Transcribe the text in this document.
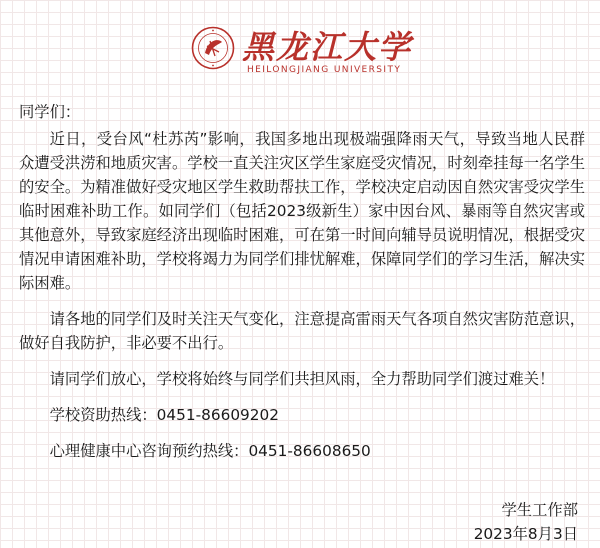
黑龙江大学
HEILONGJIANG UNIVERSITY

同学们：

近日，受台风“杜苏芮”影响，我国多地出现极端强降雨天气，导致当地人民群众遭受洪涝和地质灾害。学校一直关注灾区学生家庭受灾情况，时刻牵挂每一名学生的安全。为精准做好受灾地区学生救助帮扶工作，学校决定启动因自然灾害受灾学生临时困难补助工作。如同学们（包括2023级新生）家中因台风、暴雨等自然灾害或其他意外，导致家庭经济出现临时困难，可在第一时间向辅导员说明情况，根据受灾情况申请困难补助，学校将竭力为同学们排忧解难，保障同学们的学习生活，解决实际困难。

请各地的同学们及时关注天气变化，注意提高雷雨天气各项自然灾害防范意识，做好自我防护，非必要不出行。

请同学们放心，学校将始终与同学们共担风雨，全力帮助同学们渡过难关！

学校资助热线：0451-86609202

心理健康中心咨询预约热线：0451-86608650

学生工作部
2023年8月3日
